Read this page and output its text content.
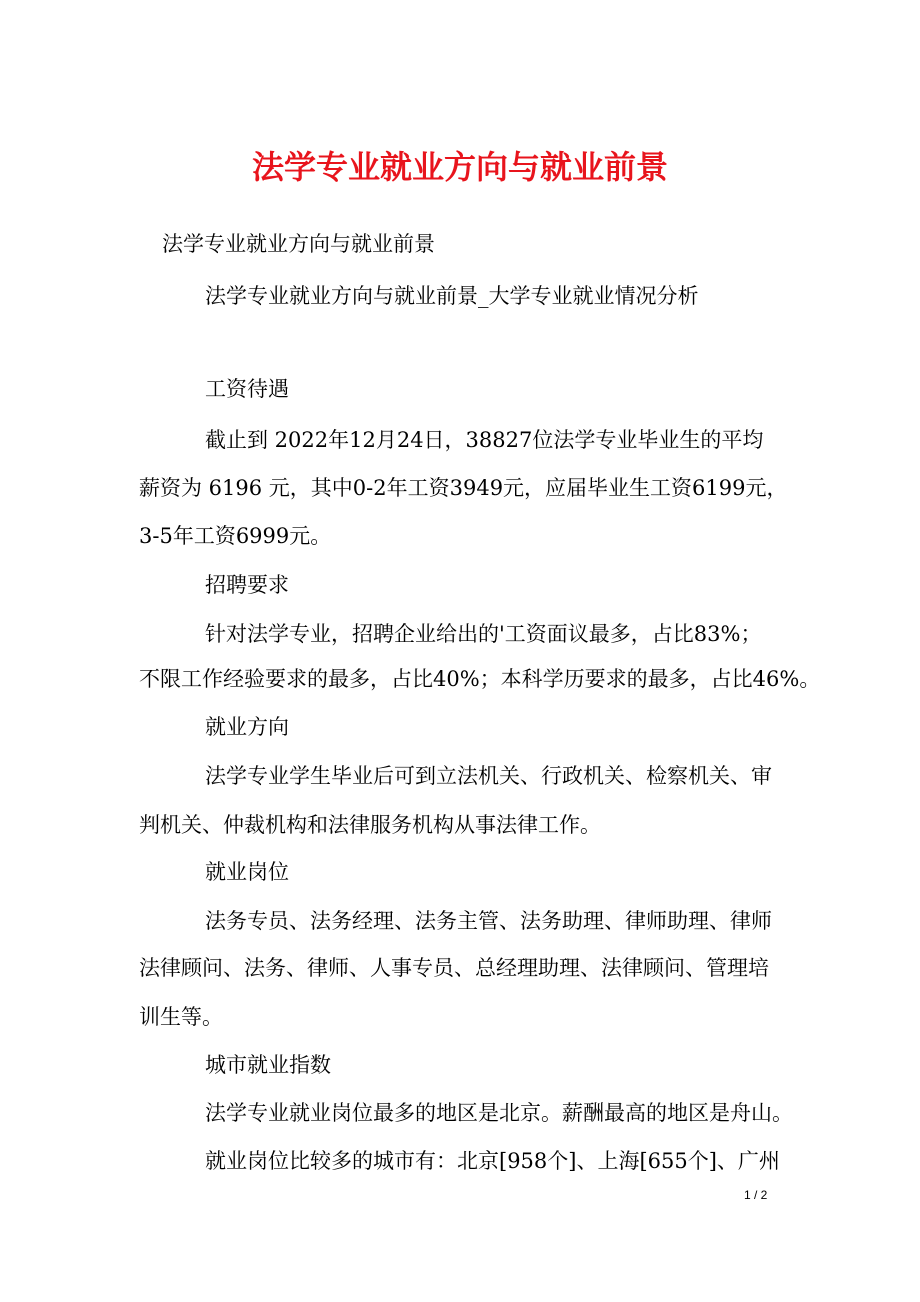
法学专业就业方向与就业前景

法学专业就业方向与就业前景

法学专业就业方向与就业前景_大学专业就业情况分析

工资待遇

截止到 2022年12月24日，38827位法学专业毕业生的平均

薪资为 6196 元，其中0-2年工资3949元，应届毕业生工资6199元，

3-5年工资6999元。

招聘要求

针对法学专业，招聘企业给出的'工资面议最多，占比83%；

不限工作经验要求的最多，占比40%；本科学历要求的最多，占比46%。

就业方向

法学专业学生毕业后可到立法机关、行政机关、检察机关、审

判机关、仲裁机构和法律服务机构从事法律工作。

就业岗位

法务专员、法务经理、法务主管、法务助理、律师助理、律师

法律顾问、法务、律师、人事专员、总经理助理、法律顾问、管理培

训生等。

城市就业指数

法学专业就业岗位最多的地区是北京。薪酬最高的地区是舟山。

就业岗位比较多的城市有：北京[958个]、上海[655个]、广州

1 / 2
